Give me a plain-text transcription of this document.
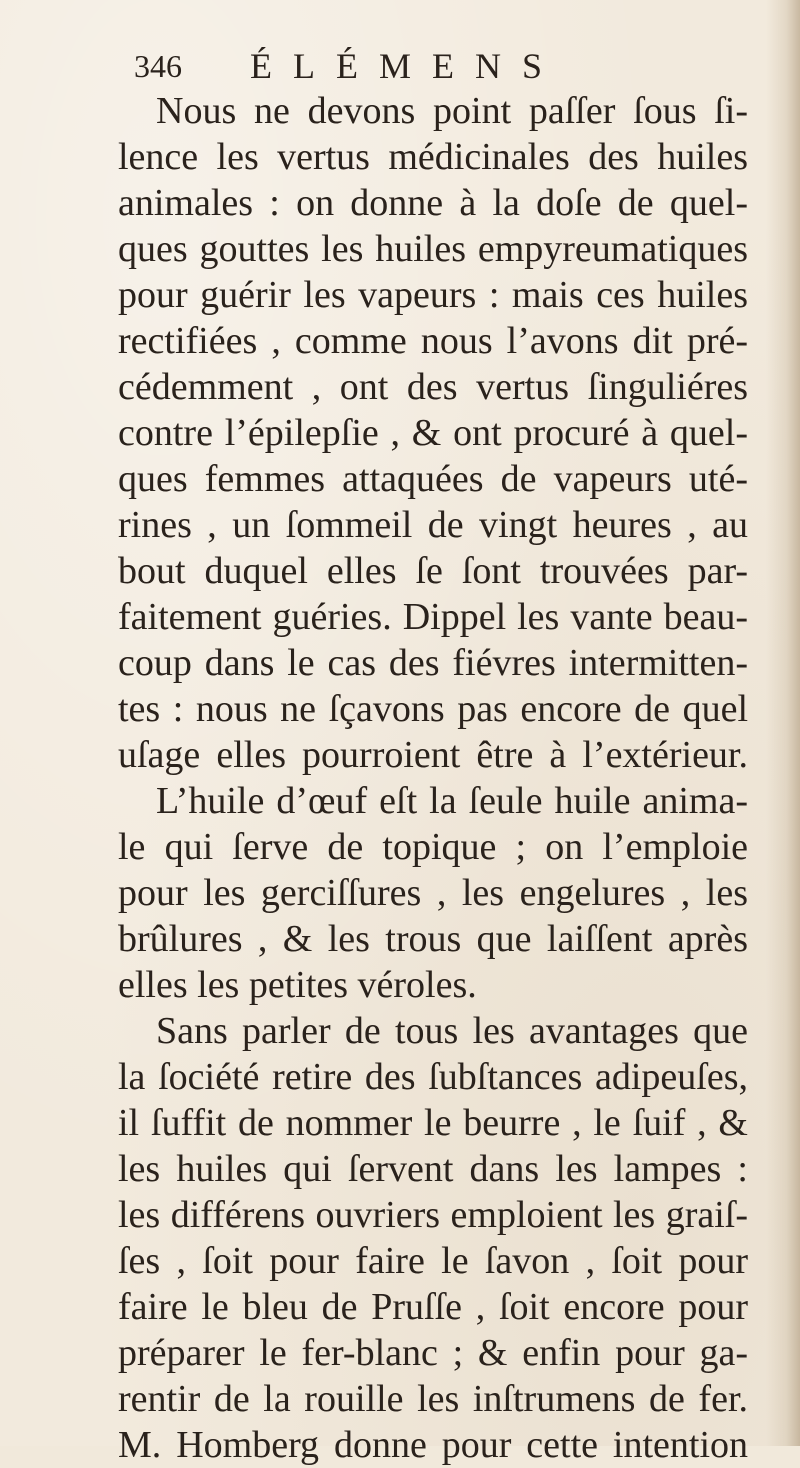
346 ÉLÉMENS
Nous ne devons point paſſer ſous ſi-
lence les vertus médicinales des huiles
animales : on donne à la doſe de quel-
ques gouttes les huiles empyreumatiques
pour guérir les vapeurs : mais ces huiles
rectifiées , comme nous l’avons dit pré-
cédemment , ont des vertus ſinguliéres
contre l’épilepſie , & ont procuré à quel-
ques femmes attaquées de vapeurs uté-
rines , un ſommeil de vingt heures , au
bout duquel elles ſe ſont trouvées par-
faitement guéries. Dippel les vante beau-
coup dans le cas des fiévres intermitten-
tes : nous ne ſçavons pas encore de quel
uſage elles pourroient être à l’extérieur.
L’huile d’œuf eſt la ſeule huile anima-
le qui ſerve de topique ; on l’emploie
pour les gerciſſures , les engelures , les
brûlures , & les trous que laiſſent après
elles les petites véroles.
Sans parler de tous les avantages que
la ſociété retire des ſubſtances adipeuſes,
il ſuffit de nommer le beurre , le ſuif , &
les huiles qui ſervent dans les lampes :
les différens ouvriers emploient les graiſ-
ſes , ſoit pour faire le ſavon , ſoit pour
faire le bleu de Pruſſe , ſoit encore pour
préparer le fer-blanc ; & enfin pour ga-
rentir de la rouille les inſtrumens de fer.
M. Homberg donne pour cette intention
